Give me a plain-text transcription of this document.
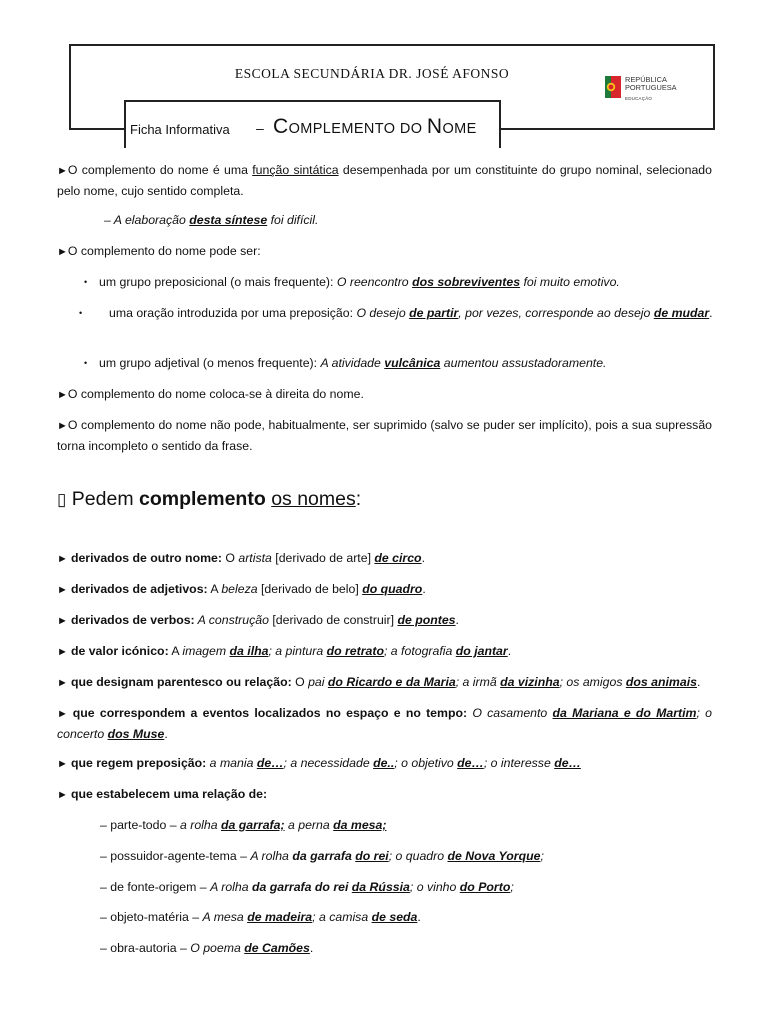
ESCOLA SECUNDÁRIA DR. JOSÉ AFONSO	REPÚBLICA
PORTUGUESA
EDUCAÇÃO
Ficha Informativa – COMPLEMENTO DO NOME

►O complemento do nome é uma função sintática desempenhada por um constituinte do grupo nominal, selecionado pelo nome, cujo sentido completa.

– A elaboração desta síntese foi difícil.

►O complemento do nome pode ser:

• um grupo preposicional (o mais frequente): O reencontro dos sobreviventes foi muito emotivo.

• uma oração introduzida por uma preposição: O desejo de partir, por vezes, corresponde ao desejo de mudar.

• um grupo adjetival (o menos frequente): A atividade vulcânica aumentou assustadoramente.

►O complemento do nome coloca-se à direita do nome.

►O complemento do nome não pode, habitualmente, ser suprimido (salvo se puder ser implícito), pois a sua supressão torna incompleto o sentido da frase.

▯ Pedem complemento os nomes:

► derivados de outro nome: O artista [derivado de arte] de circo.

► derivados de adjetivos: A beleza [derivado de belo] do quadro.

► derivados de verbos: A construção [derivado de construir] de pontes.

► de valor icónico: A imagem da ilha; a pintura do retrato; a fotografia do jantar.

► que designam parentesco ou relação: O pai do Ricardo e da Maria; a irmã da vizinha; os amigos dos animais.

► que correspondem a eventos localizados no espaço e no tempo: O casamento da Mariana e do Martim; o concerto dos Muse.

► que regem preposição: a mania de…; a necessidade de..; o objetivo de…; o interesse de…

► que estabelecem uma relação de:

– parte-todo – a rolha da garrafa; a perna da mesa;

– possuidor-agente-tema – A rolha da garrafa do rei; o quadro de Nova Yorque;

– de fonte-origem – A rolha da garrafa do rei da Rússia; o vinho do Porto;

– objeto-matéria – A mesa de madeira; a camisa de seda.

– obra-autoria – O poema de Camões.
